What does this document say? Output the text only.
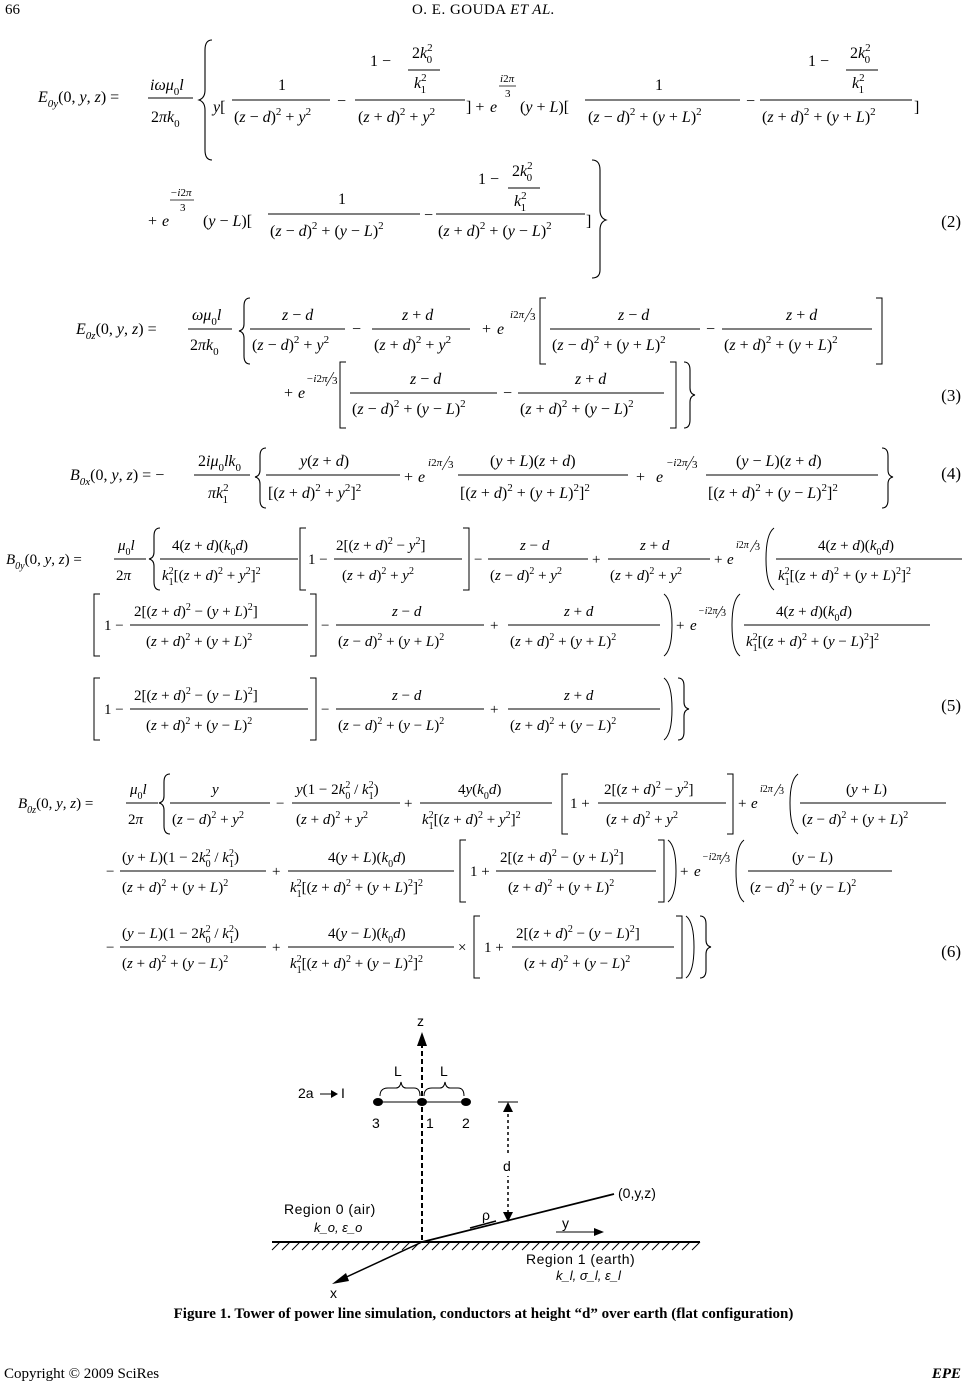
66	O. E. GOUDA ET AL.
$E_{0y}(0$, y, z) =
iωμ$_0$l
$2\pi k_0$
y[
1
$(z - d)^2 + y^2$
−
$1 - 2k^2$ 0
$k^2$ 1
$(z + d)^2 + y^2$ ] + e
i2π
3
(y + L)[
1
$(z - d)^2 + (y + L)^2$
−
$1 - 2k^2$ 0
$k^2$ 1
$(z + d)^2 + (y + L)^2$ ]
+ e
−i2π
3
(y − L)[
1
$(z - d)^2 + (y - L)^2$
−
$1 - 2k^2$ 0
$k^2$ 1
$(z + d)^2 + (y - L)^2$ ]	(2)
$E_{0z}(0$, y, z) =
$\omega\mu_0l$
$2\pi k_0$
z − d
$(z - d)^2 + y^2$
−
z + d
$(z + d)^2 + y^2$
+ e
i2π 3	z − d
$(z - d)^2 + (y + L)^2$
−
z + d
$(z + d)^2 + (y + L)^2$
+ e
−i2π 3	z − d
$(z - d)^2 + (y - L)^2$
−
z + d
$(z + d)^2 + (y - L)^2$	(3)
$B_{0x}(0$, y, z) = −
$2i\mu_0lk_0$
$\pi k^2$ 1
y(z + d)
$[(z + d)^2 + y^2]^2$
+ e
i2π 3 (y + L)(z + d)
$[(z + d)^2 + (y + L)^2]^2$
+ e
−i2π 3 (y − L)(z + d)
$[(z + d)^2 + (y - L)^2]^2$
(4)
$B_{0y}(0$, y, z) =
$\mu_0l$
2π
$4(z + d)(k_0d)$
$k^2$ $1[(z + d)^2 + y^2]^2$
1 −
$2[(z + d)^2 - y^2]$
$(z + d)^2 + y^2$
−
z − d
$(z - d)^2 + y^2$
+
z + d
$(z + d)^2 + y^2$
+ e
i2π 3	$4(z + d)(k_0d)$
$k^2$ $1[(z + d)^2 + (y + L)^2]^2$
1 −
$2[(z + d)^2 - (y + L)^2]$
$(z + d)^2 + (y + L)^2$
−
z − d
$(z - d)^2 + (y + L)^2$
+
z + d
$(z + d)^2 + (y + L)^2$
+ e
−i2π 3	$4(z + d)(k_0d)$
$k^2$ $1[(z + d)^2 + (y - L)^2]^2$
1 −
$2[(z + d)^2 - (y - L)^2]$
$(z + d)^2 + (y - L)^2$
−
z − d
$(z - d)^2 + (y - L)^2$
+
z + d
$(z + d)^2 + (y - L)^2$
(5)
$B_{0z}(0$, y, z) =
$\mu_0l$
2π
y
$(z - d)^2 + y^2$
−
$y(1 - 2k^2$ $0 / k^2$ 1)
$(z + d)^2 + y^2$
+
$4y(k_0d)$
$k^2$ $1[(z + d)^2 + y^2]^2$
1 +
$2[(z + d)^2 - y^2]$
$(z + d)^2 + y^2$
+ e
i2π 3	(y + L)
$(z - d)^2 + (y + L)^2$
−
$(y + L)(1 - 2k^2$ $0 / k^2$ 1)
$(z + d)^2 + (y + L)^2$
+
$4(y + L)(k_0d)$
$k^2$ $1[(z + d)^2 + (y + L)^2]^2$
1 +
$2[(z + d)^2 - (y + L)^2]$
$(z + d)^2 + (y + L)^2$
+ e
−i2π 3	(y − L)
$(z - d)^2 + (y - L)^2$
−
$(y - L)(1 - 2k^2$ $0 / k^2$ 1)
$(z + d)^2 + (y - L)^2$
+
$4(y - L)(k_0d)$
$k^2$ $1[(z + d)^2 + (y - L)^2]^2$
× 1 +
$2[(z + d)^2 - (y - L)^2]$
$(z + d)^2 + (y - L)^2$	(6)
z
x
y
ρ
(0,y,z)
3	1 2
L	L
2a I
d
Region 0 (air)
k_o, ε_o
Region 1 (earth)
k_l, σ_l, ε_l
Figure 1. Tower of power line simulation, conductors at height “d” over earth (flat configuration)
Copyright © 2009 SciRes	EPE
